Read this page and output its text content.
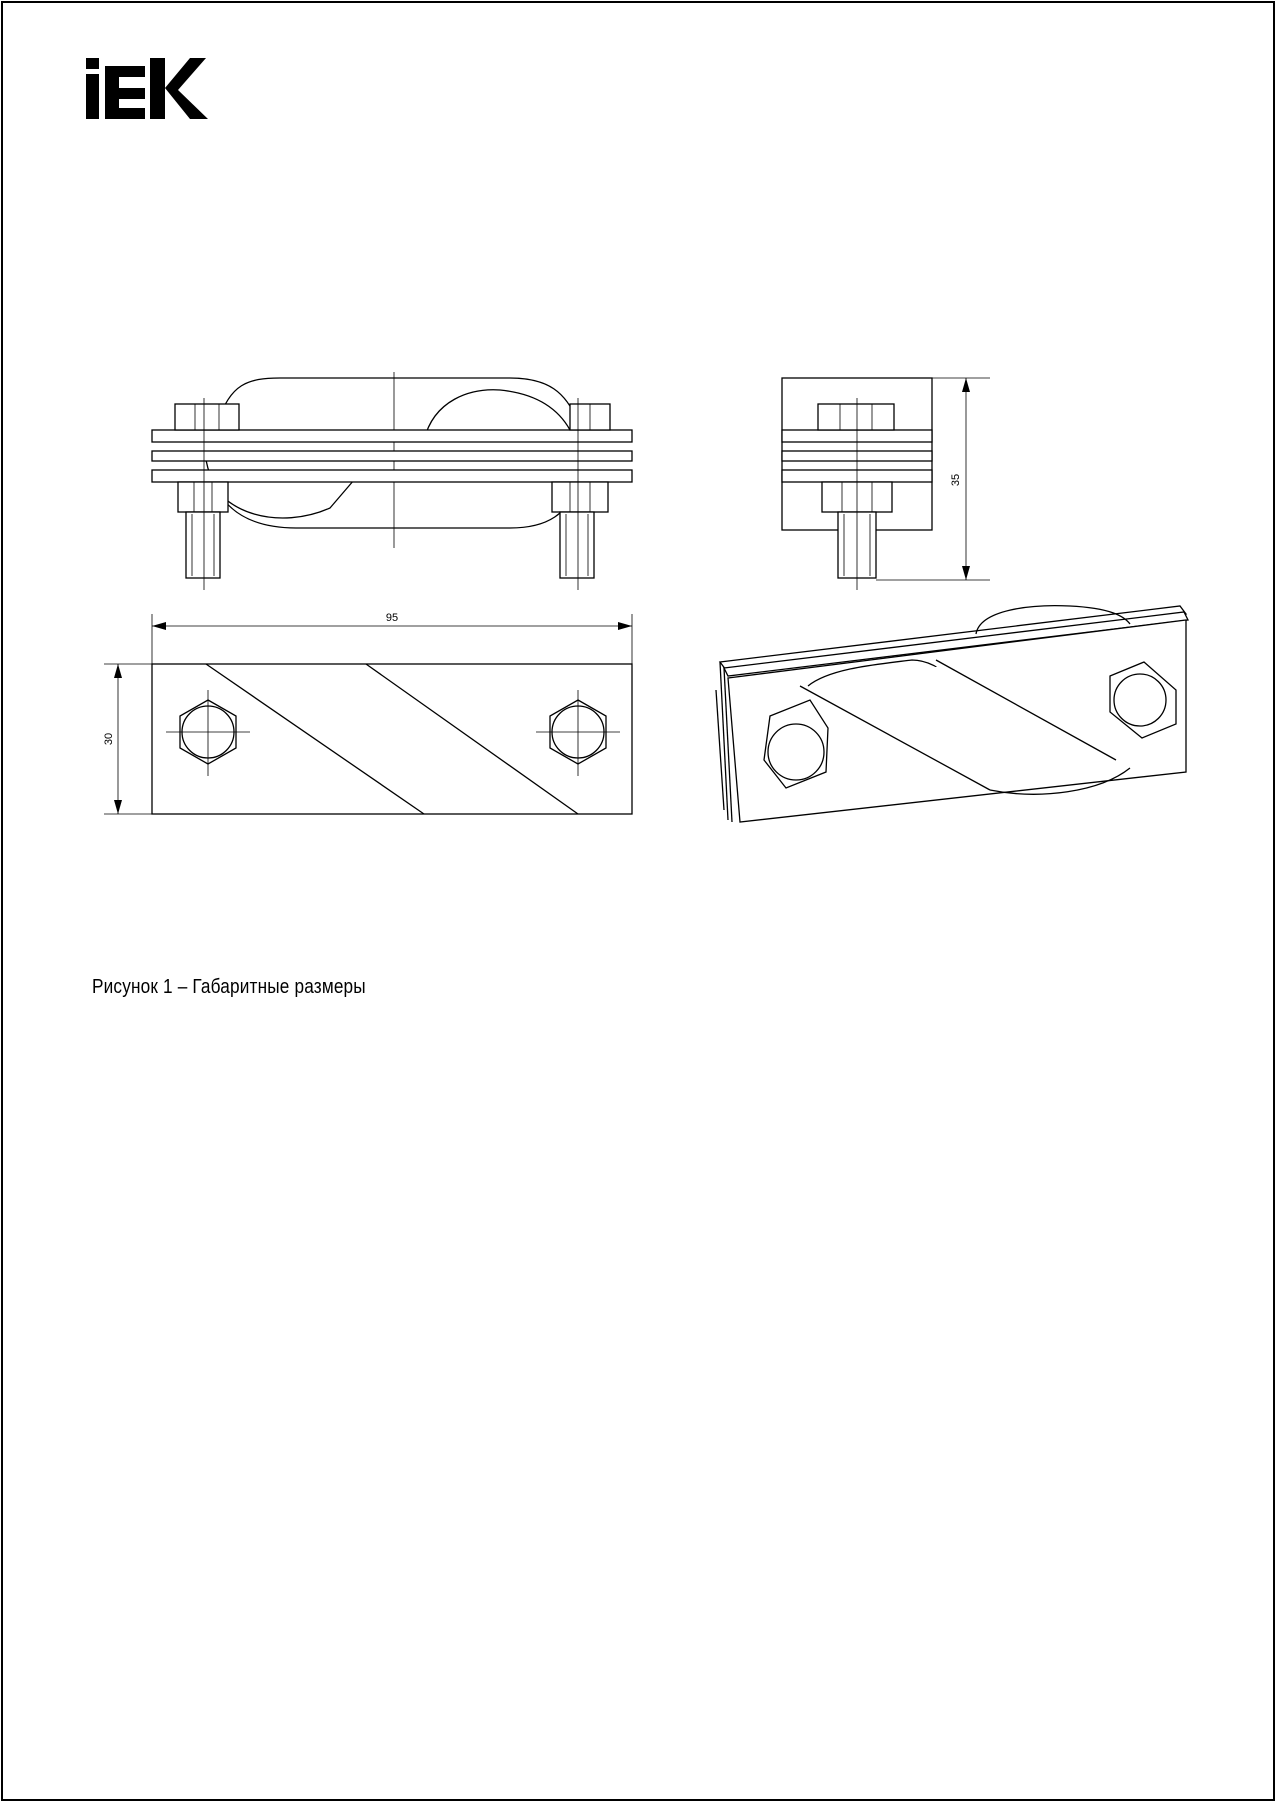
35
95
30
Рисунок 1 – Габаритные размеры
